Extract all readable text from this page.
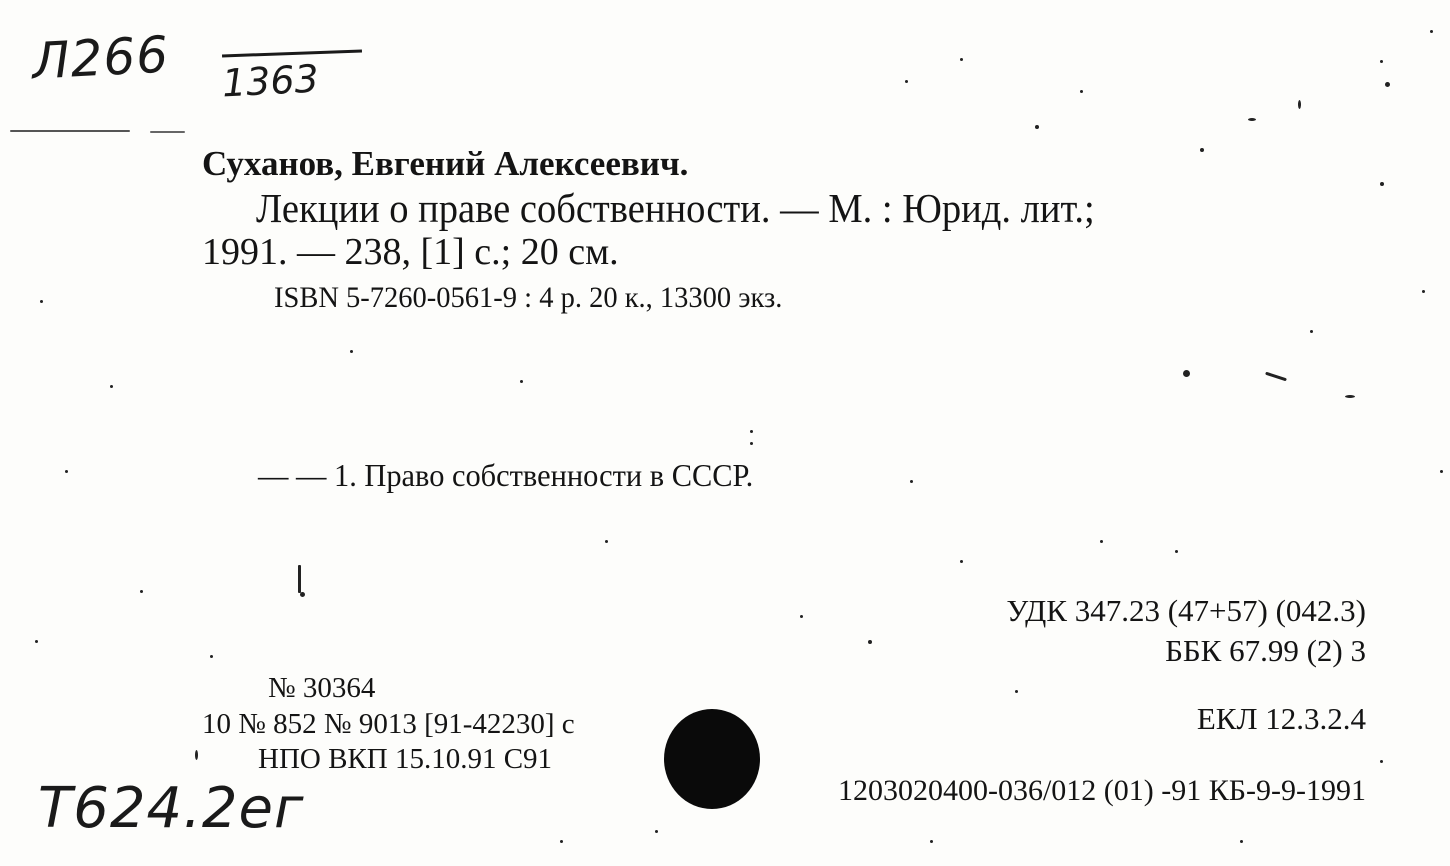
Л266 1363
Суханов, Евгений Алексеевич.
Лекции о праве собственности. — М. : Юрид. лит.;
1991. — 238, [1] с.; 20 см.
ISBN 5-7260-0561-9 : 4 р. 20 к., 13300 экз.
— — 1. Право собственности в СССР.
УДК 347.23 (47+57) (042.3)
ББК 67.99 (2) 3
ЕКЛ 12.3.2.4
1203020400-036/012 (01) -91 КБ-9-9-1991
№ 30364
10 № 852 № 9013 [91-42230] с
НПО ВКП 15.10.91 С91
Т624.2ег
